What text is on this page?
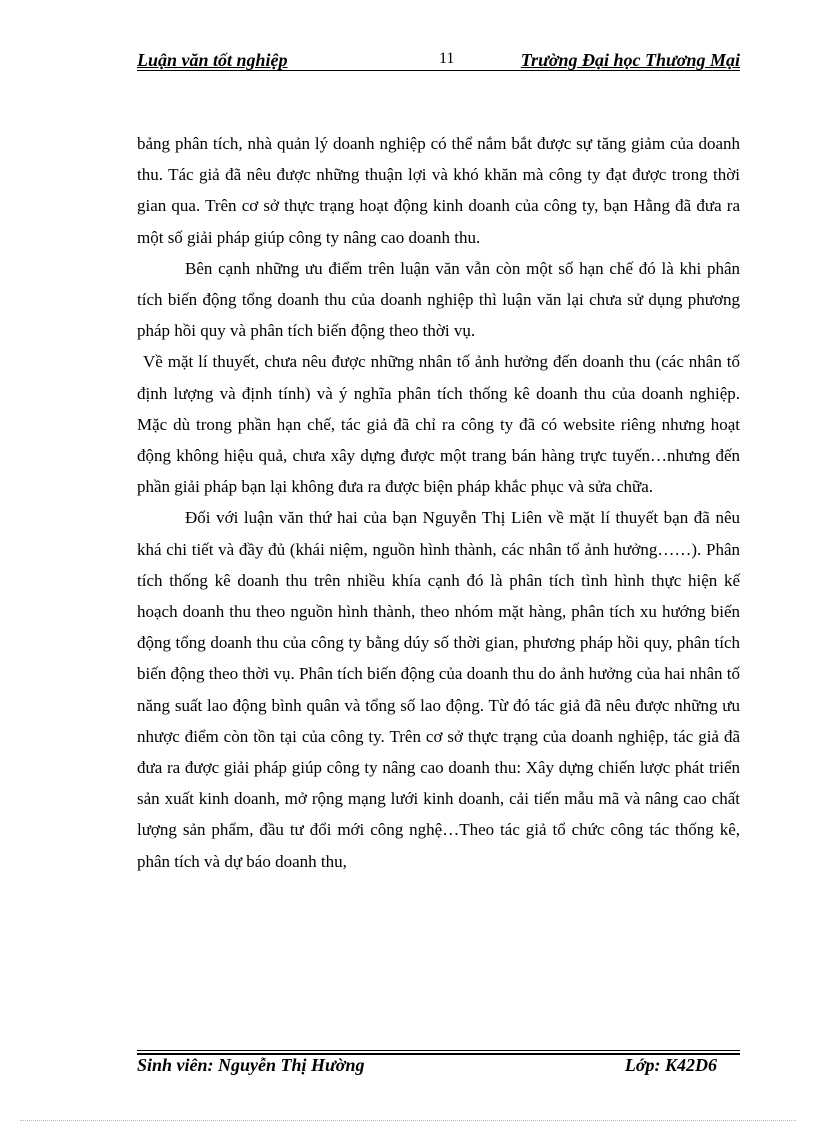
Luận văn tốt nghiệp	11	Trường Đại học Thương Mại

bảng phân tích, nhà quản lý doanh nghiệp có thể nắm bắt được sự tăng giảm của doanh thu. Tác giả đã nêu được những thuận lợi và khó khăn mà công ty đạt được trong thời gian qua. Trên cơ sở thực trạng hoạt động kinh doanh của công ty, bạn Hằng đã đưa ra một số giải pháp giúp công ty nâng cao doanh thu.

Bên cạnh những ưu điểm trên luận văn vẫn còn một số hạn chế đó là khi phân tích biến động tổng doanh thu của doanh nghiệp thì luận văn lại chưa sử dụng phương pháp hồi quy và phân tích biến động theo thời vụ.

Về mặt lí thuyết, chưa nêu được những nhân tố ảnh hưởng đến doanh thu (các nhân tố định lượng và định tính) và ý nghĩa phân tích thống kê doanh thu của doanh nghiệp. Mặc dù trong phần hạn chế, tác giả đã chỉ ra công ty đã có website riêng nhưng hoạt động không hiệu quả, chưa xây dựng được một trang bán hàng trực tuyến…nhưng đến phần giải pháp bạn lại không đưa ra được biện pháp khắc phục và sửa chữa.

Đối với luận văn thứ hai của bạn Nguyễn Thị Liên về mặt lí thuyết bạn đã nêu khá chi tiết và đầy đủ (khái niệm, nguồn hình thành, các nhân tố ảnh hưởng……). Phân tích thống kê doanh thu trên nhiều khía cạnh đó là phân tích tình hình thực hiện kế hoạch doanh thu theo nguồn hình thành, theo nhóm mặt hàng, phân tích xu hướng biến động tổng doanh thu của công ty bằng dúy số thời gian, phương pháp hồi quy, phân tích biến động theo thời vụ. Phân tích biến động của doanh thu do ảnh hưởng của hai nhân tố năng suất lao động bình quân và tổng số lao động. Từ đó tác giả đã nêu được những ưu nhược điểm còn tồn tại của công ty. Trên cơ sở thực trạng của doanh nghiệp, tác giả đã đưa ra được giải pháp giúp công ty nâng cao doanh thu: Xây dựng chiến lược phát triển sản xuất kinh doanh, mở rộng mạng lưới kinh doanh, cải tiến mẫu mã và nâng cao chất lượng sản phẩm, đầu tư đổi mới công nghệ…Theo tác giả tổ chức công tác thống kê, phân tích và dự báo doanh thu,

Sinh viên: Nguyễn Thị Hường	Lớp: K42D6
